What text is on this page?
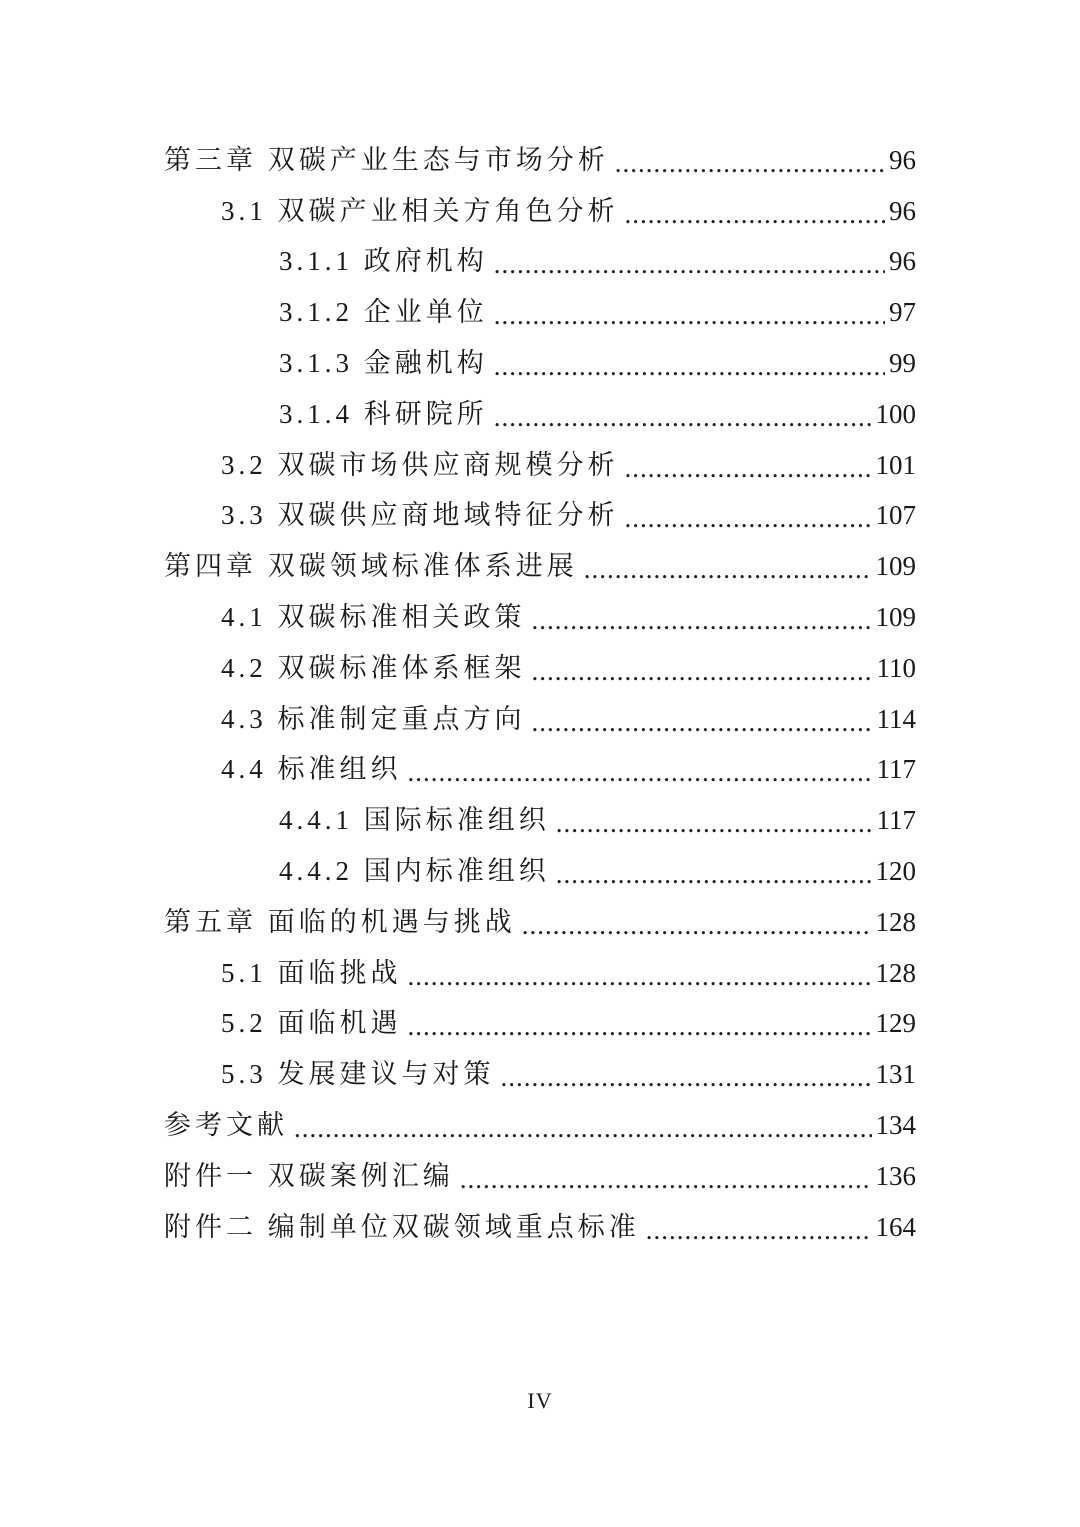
第三章 双碳产业生态与市场分析 .....	96
3.1 双碳产业相关方角色分析 .....	96
3.1.1 政府机构 .....	96
3.1.2 企业单位 .....	97
3.1.3 金融机构 .....	99
3.1.4 科研院所 .....	100
3.2 双碳市场供应商规模分析 .....	101
3.3 双碳供应商地域特征分析 .....	107
第四章 双碳领域标准体系进展 .....	109
4.1 双碳标准相关政策 .....	109
4.2 双碳标准体系框架 .....	110
4.3 标准制定重点方向 .....	114
4.4 标准组织 .....	117
4.4.1 国际标准组织 .....	117
4.4.2 国内标准组织 .....	120
第五章 面临的机遇与挑战 .....	128
5.1 面临挑战 .....	128
5.2 面临机遇 .....	129
5.3 发展建议与对策 .....	131
参考文献 .....	134
附件一 双碳案例汇编 .....	136
附件二 编制单位双碳领域重点标准 .....	164
IV
